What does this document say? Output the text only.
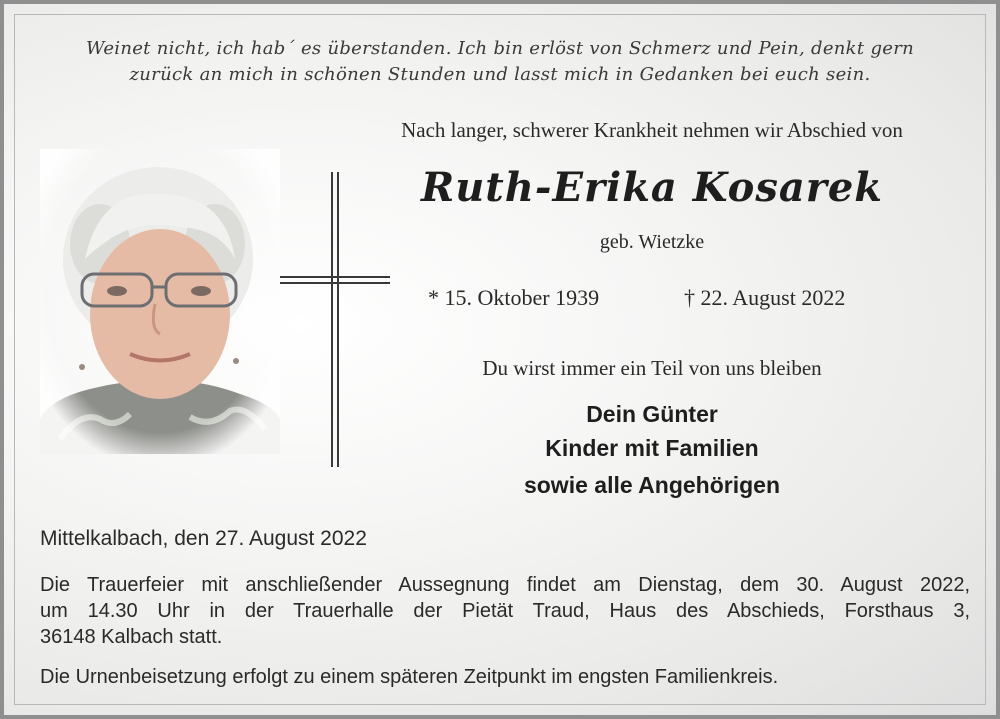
Weinet nicht, ich hab´ es überstanden. Ich bin erlöst von Schmerz und Pein, denkt gern
zurück an mich in schönen Stunden und lasst mich in Gedanken bei euch sein.
Nach langer, schwerer Krankheit nehmen wir Abschied von
Ruth-Erika Kosarek
geb. Wietzke
* 15. Oktober 1939	† 22. August 2022
Du wirst immer ein Teil von uns bleiben
Dein Günter
Kinder mit Familien
sowie alle Angehörigen
Mittelkalbach, den 27. August 2022
Die Trauerfeier mit anschließender Aussegnung findet am Dienstag, dem 30. August 2022,
um 14.30 Uhr in der Trauerhalle der Pietät Traud, Haus des Abschieds, Forsthaus 3,
36148 Kalbach statt.
Die Urnenbeisetzung erfolgt zu einem späteren Zeitpunkt im engsten Familienkreis.
